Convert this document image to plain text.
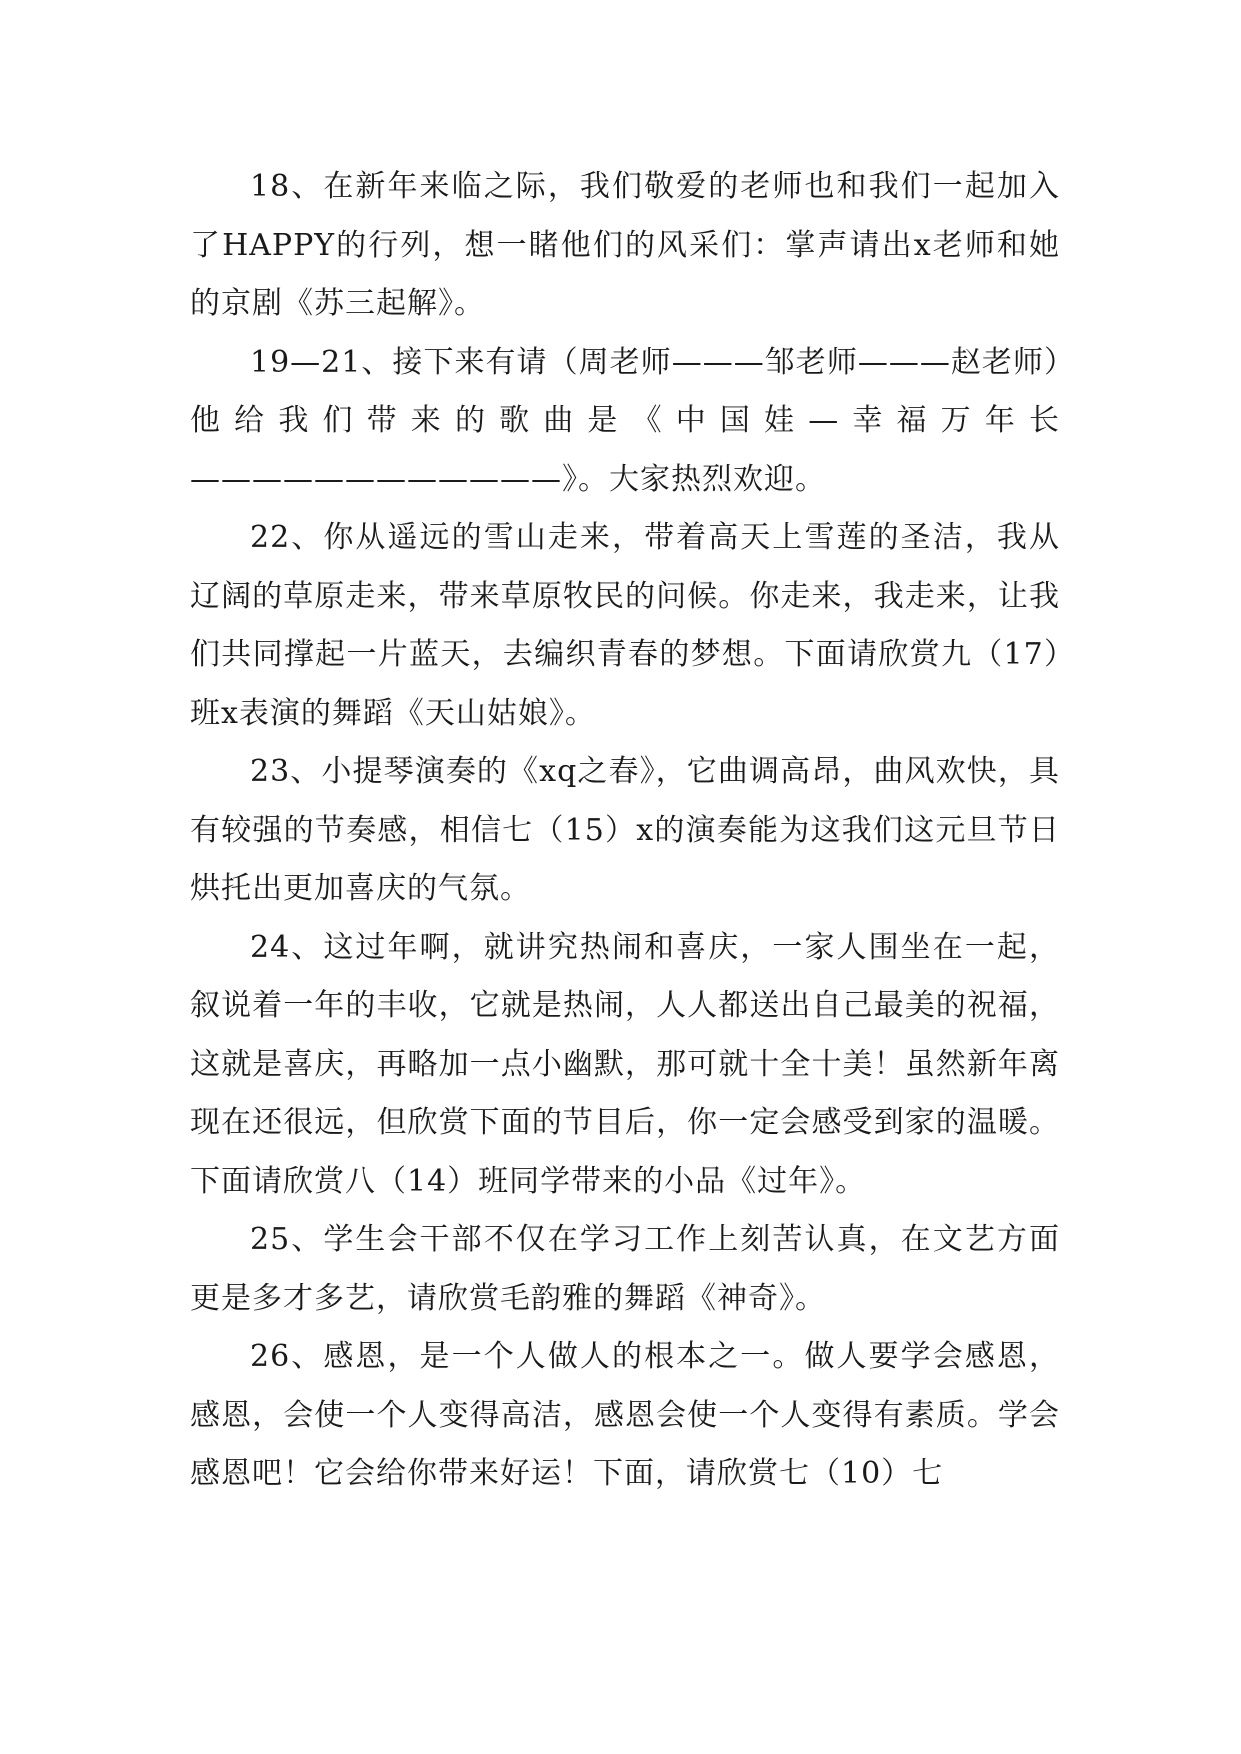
18、在新年来临之际，我们敬爱的老师也和我们一起加入了HAPPY的行列，想一睹他们的风采们：掌声请出x老师和她的京剧《苏三起解》。

19—21、接下来有请（周老师———邹老师———赵老师）他给我们带来的歌曲是《中国娃—幸福万年长————————————》。大家热烈欢迎。

22、你从遥远的雪山走来，带着高天上雪莲的圣洁，我从辽阔的草原走来，带来草原牧民的问候。你走来，我走来，让我们共同撑起一片蓝天，去编织青春的梦想。下面请欣赏九（17）班x表演的舞蹈《天山姑娘》。

23、小提琴演奏的《xq之春》，它曲调高昂，曲风欢快，具有较强的节奏感，相信七（15）x的演奏能为这我们这元旦节日烘托出更加喜庆的气氛。

24、这过年啊，就讲究热闹和喜庆，一家人围坐在一起，叙说着一年的丰收，它就是热闹，人人都送出自己最美的祝福，这就是喜庆，再略加一点小幽默，那可就十全十美！虽然新年离现在还很远，但欣赏下面的节目后，你一定会感受到家的温暖。下面请欣赏八（14）班同学带来的小品《过年》。

25、学生会干部不仅在学习工作上刻苦认真，在文艺方面更是多才多艺，请欣赏毛韵雅的舞蹈《神奇》。

26、感恩，是一个人做人的根本之一。做人要学会感恩，感恩，会使一个人变得高洁，感恩会使一个人变得有素质。学会感恩吧！它会给你带来好运！下面，请欣赏七（10）七
